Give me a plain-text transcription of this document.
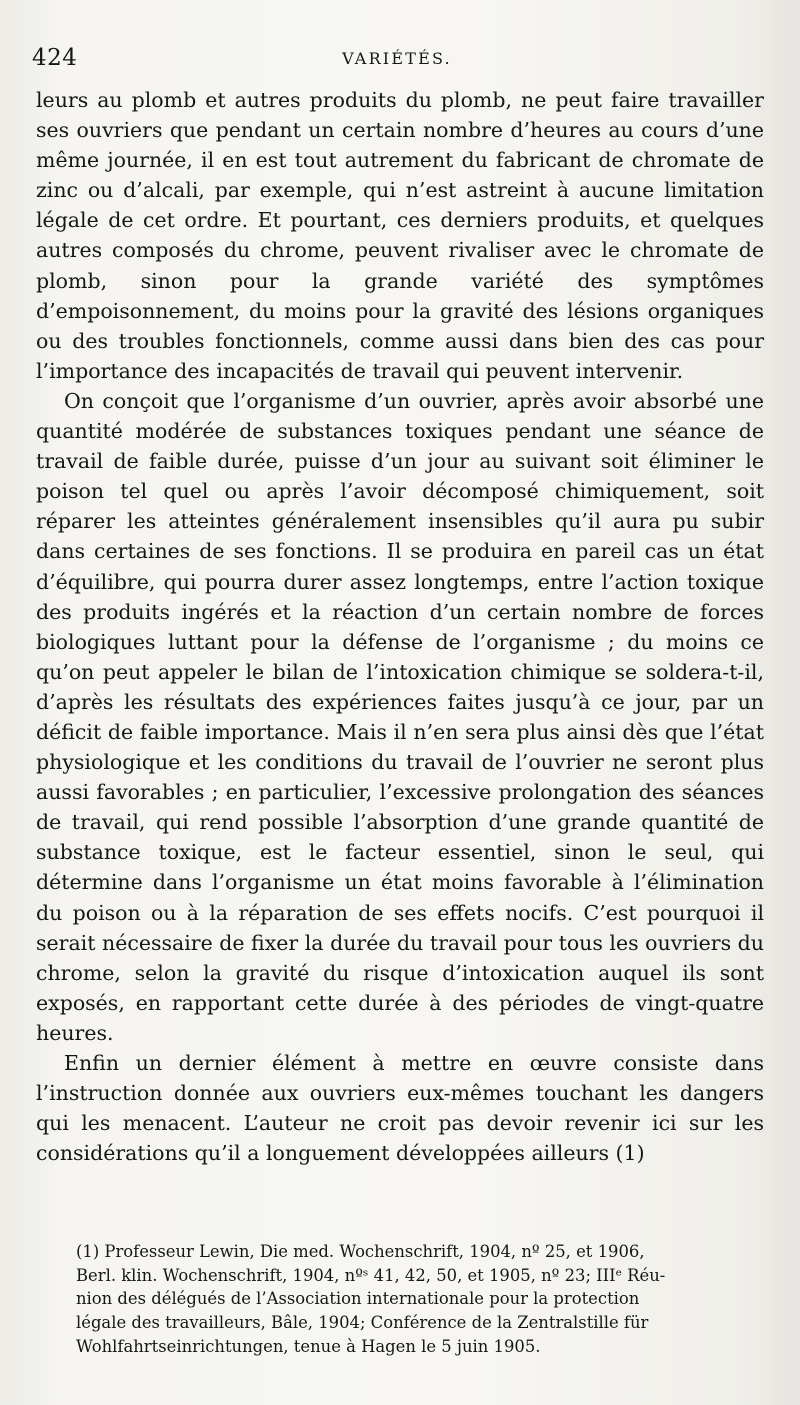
424	VARIÉTÉS.

leurs au plomb et autres produits du plomb, ne peut faire travailler ses ouvriers que pendant un certain nombre d’heures au cours d’une même journée, il en est tout autrement du fabricant de chromate de zinc ou d’alcali, par exemple, qui n’est astreint à aucune limitation légale de cet ordre. Et pourtant, ces derniers produits, et quelques autres composés du chrome, peuvent rivaliser avec le chromate de plomb, sinon pour la grande variété des symptômes d’empoisonnement, du moins pour la gravité des lésions organiques ou des troubles fonctionnels, comme aussi dans bien des cas pour l’importance des incapacités de travail qui peuvent intervenir.

On conçoit que l’organisme d’un ouvrier, après avoir absorbé une quantité modérée de substances toxiques pendant une séance de travail de faible durée, puisse d’un jour au suivant soit éliminer le poison tel quel ou après l’avoir décomposé chimiquement, soit réparer les atteintes généralement insensibles qu’il aura pu subir dans certaines de ses fonctions. Il se produira en pareil cas un état d’équilibre, qui pourra durer assez longtemps, entre l’action toxique des produits ingérés et la réaction d’un certain nombre de forces biologiques luttant pour la défense de l’organisme ; du moins ce qu’on peut appeler le bilan de l’intoxication chimique se soldera-t-il, d’après les résultats des expériences faites jusqu’à ce jour, par un déficit de faible importance. Mais il n’en sera plus ainsi dès que l’état physiologique et les conditions du travail de l’ouvrier ne seront plus aussi favorables ; en particulier, l’excessive prolongation des séances de travail, qui rend possible l’absorption d’une grande quantité de substance toxique, est le facteur essentiel, sinon le seul, qui détermine dans l’organisme un état moins favorable à l’élimination du poison ou à la réparation de ses effets nocifs. C’est pourquoi il serait nécessaire de fixer la durée du travail pour tous les ouvriers du chrome, selon la gravité du risque d’intoxication auquel ils sont exposés, en rapportant cette durée à des périodes de vingt-quatre heures.

Enfin un dernier élément à mettre en œuvre consiste dans l’instruction donnée aux ouvriers eux-mêmes touchant les dangers qui les menacent. L’auteur ne croit pas devoir revenir ici sur les considérations qu’il a longuement développées ailleurs (1)

(1) Professeur Lewin, Die med. Wochenschrift, 1904, nº 25, et 1906,
Berl. klin. Wochenschrift, 1904, nºˢ 41, 42, 50, et 1905, nº 23; IIIᵉ Réu-
nion des délégués de l’Association internationale pour la protection
légale des travailleurs, Bâle, 1904; Conférence de la Zentralstille für
Wohlfahrtseinrichtungen, tenue à Hagen le 5 juin 1905.
